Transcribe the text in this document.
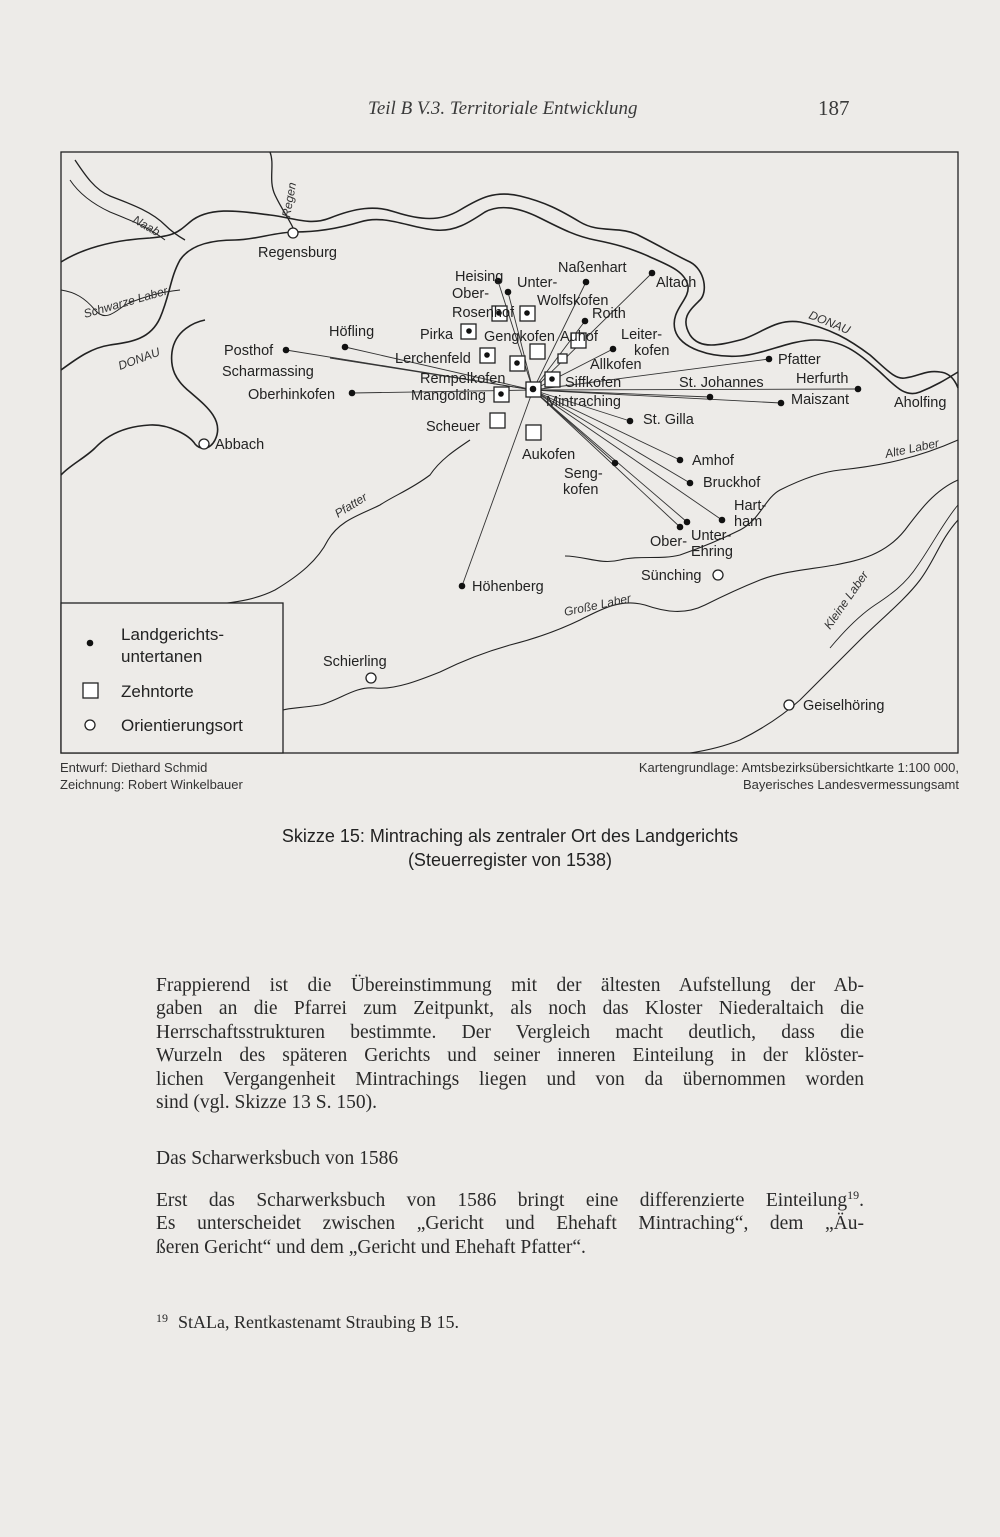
Teil B V.3. Territoriale Entwicklung	187
Naab
Regen
Schwarze Laber
DONAU
DONAU
Alte Laber
Pfatter
Große Laber	Kleine Laber
Regensburg
Abbach
Sünching
Schierling
Geiselhöring
Naßenhart
Heising Unter-
Ober-	Wolfskofen
Altach
Rosenhof	Roith
Höfling	Pirka Gengkofen Auhof Leiter-
kofen
Posthof
Scharmassing
Lerchenfeld	Allkofen
Rempelkofen	Siffkofen
Pfatter
St. Johannes Herfurth
Oberhinkofen	Mangolding	Mintraching	Maiszant	Aholfing
St. Gilla
Scheuer
Aukofen
Seng-
kofen
Amhof
Bruckhof
Hart-
ham
Ober- Unter-
Ehring
Höhenberg
Landgerichts-
untertanen
Zehntorte
Orientierungsort
Entwurf: Diethard Schmid
Zeichnung: Robert Winkelbauer
Kartengrundlage: Amtsbezirksübersichtkarte 1:100 000,
Bayerisches Landesvermessungsamt
Skizze 15: Mintraching als zentraler Ort des Landgerichts
(Steuerregister von 1538)
Frappierend ist die Übereinstimmung mit der ältesten Aufstellung der Ab-
gaben an die Pfarrei zum Zeitpunkt, als noch das Kloster Niederaltaich die
Herrschaftsstrukturen bestimmte. Der Vergleich macht deutlich, dass die
Wurzeln des späteren Gerichts und seiner inneren Einteilung in der klöster-
lichen Vergangenheit Mintrachings liegen und von da übernommen worden
sind (vgl. Skizze 13 S. 150).
Das Scharwerksbuch von 1586
Erst das Scharwerksbuch von 1586 bringt eine differenzierte Einteilung$^{19}$.
Es unterscheidet zwischen „Gericht und Ehehaft Mintraching“, dem „Äu-
ßeren Gericht“ und dem „Gericht und Ehehaft Pfatter“.
$^{19}$ StALa, Rentkastenamt Straubing B 15.
